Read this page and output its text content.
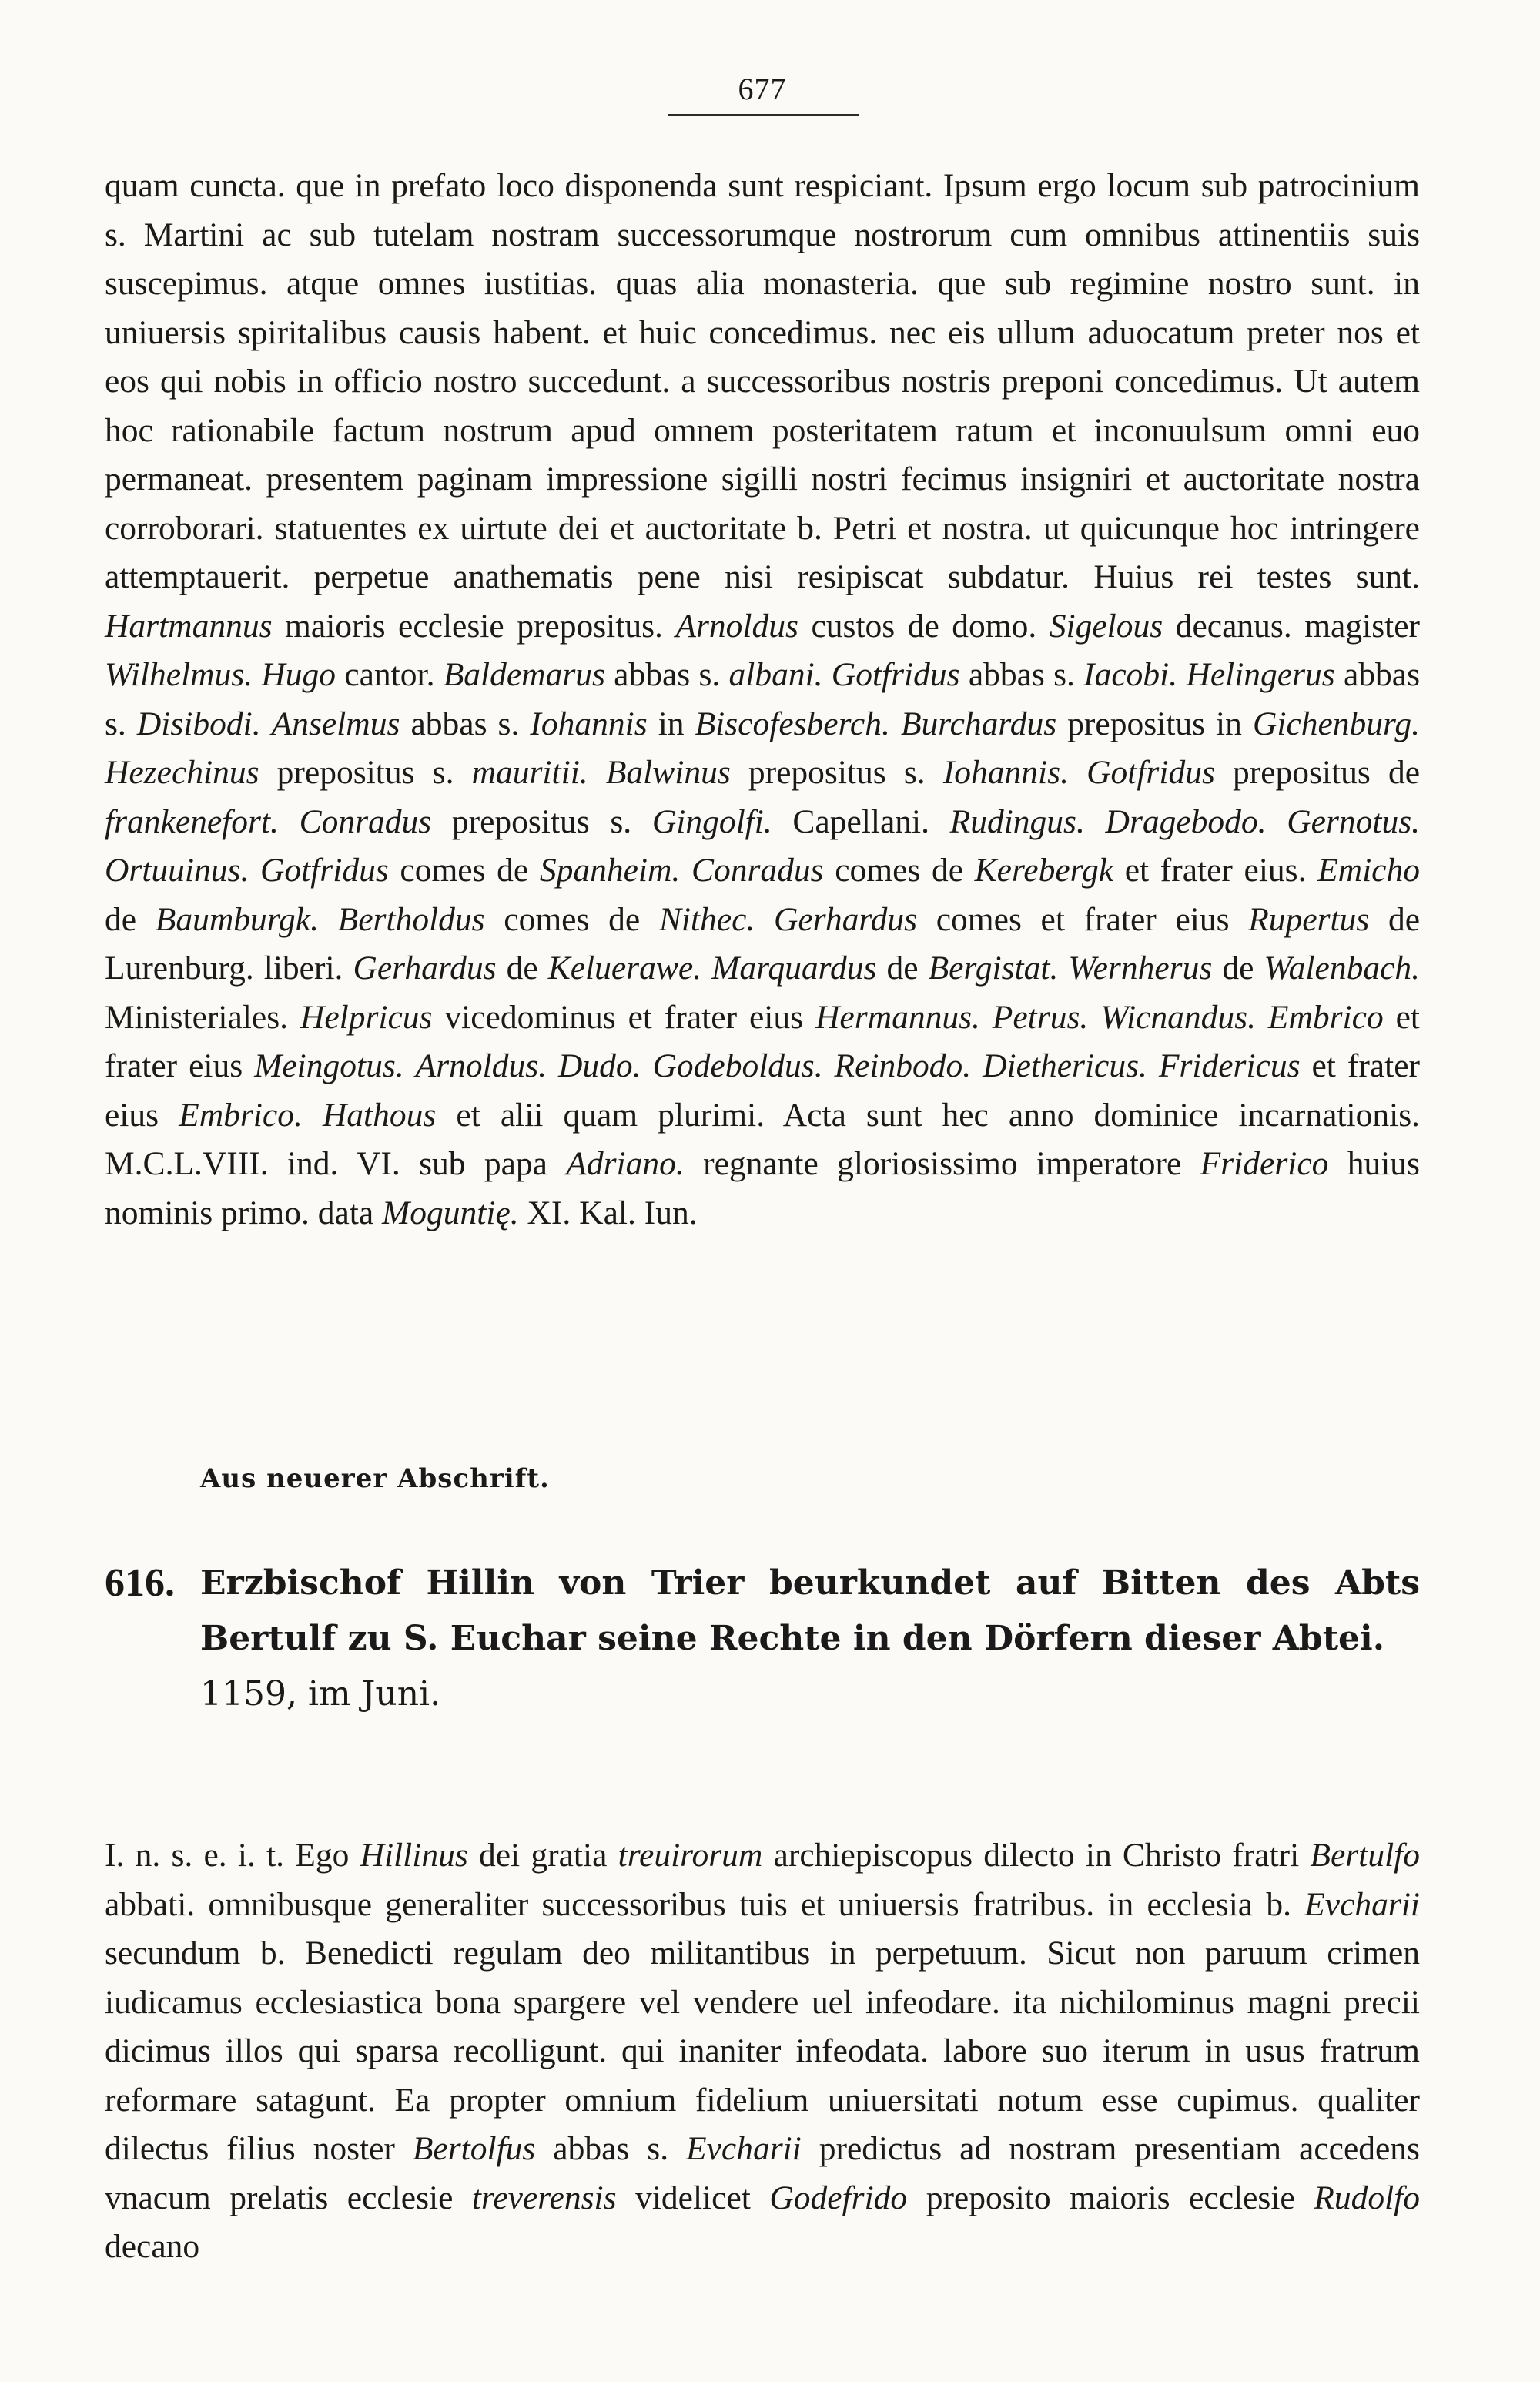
677

quam cuncta. que in prefato loco disponenda sunt respiciant. Ipsum ergo locum sub patrocinium s. Martini ac sub tutelam nostram successorumque nostrorum cum omnibus attinentiis suis suscepimus. atque omnes iustitias. quas alia monasteria. que sub regimine nostro sunt. in uniuersis spiritalibus causis habent. et huic concedimus. nec eis ullum aduocatum preter nos et eos qui nobis in officio nostro succedunt. a successoribus nostris preponi concedimus. Ut autem hoc rationabile factum nostrum apud omnem posteritatem ratum et inconuulsum omni euo permaneat. presentem paginam impressione sigilli nostri fecimus insigniri et auctoritate nostra corroborari. statuentes ex uirtute dei et auctoritate b. Petri et nostra. ut quicunque hoc intringere attemptauerit. perpetue anathematis pene nisi resipiscat subdatur. Huius rei testes sunt. Hartmannus maioris ecclesie prepositus. Arnoldus custos de domo. Sigelous decanus. magister Wilhelmus. Hugo cantor. Baldemarus abbas s. albani. Gotfridus abbas s. Iacobi. Helingerus abbas s. Disibodi. Anselmus abbas s. Iohannis in Biscofesberch. Burchardus prepositus in Gichenburg. Hezechinus prepositus s. mauritii. Balwinus prepositus s. Iohannis. Gotfridus prepositus de frankenefort. Conradus prepositus s. Gingolfi. Capellani. Rudingus. Dragebodo. Gernotus. Ortuuinus. Gotfridus comes de Spanheim. Conradus comes de Kerebergk et frater eius. Emicho de Baumburgk. Bertholdus comes de Nithec. Gerhardus comes et frater eius Rupertus de Lurenburg. liberi. Gerhardus de Keluerawe. Marquardus de Bergistat. Wernherus de Walenbach. Ministeriales. Helpricus vicedominus et frater eius Hermannus. Petrus. Wicnandus. Embrico et frater eius Meingotus. Arnoldus. Dudo. Godeboldus. Reinbodo. Diethericus. Fridericus et frater eius Embrico. Hathous et alii quam plurimi. Acta sunt hec anno dominice incarnationis. M.C.L.VIII. ind. VI. sub papa Adriano. regnante gloriosissimo imperatore Friderico huius nominis primo. data Moguntię. XI. Kal. Iun.

Aus neuerer Abschrift.
616. Erzbischof Hillin von Trier beurkundet auf Bitten des Abts Bertulf zu S. Euchar seine Rechte in den Dörfern dieser Abtei.
1159, im Juni.

I. n. s. e. i. t. Ego Hillinus dei gratia treuirorum archiepiscopus dilecto in Christo fratri Bertulfo abbati. omnibusque generaliter successoribus tuis et uniuersis fratribus. in ecclesia b. Evcharii secundum b. Benedicti regulam deo militantibus in perpetuum. Sicut non paruum crimen iudicamus ecclesiastica bona spargere vel vendere uel infeodare. ita nichilominus magni precii dicimus illos qui sparsa recolligunt. qui inaniter infeodata. labore suo iterum in usus fratrum reformare satagunt. Ea propter omnium fidelium uniuersitati notum esse cupimus. qualiter dilectus filius noster Bertolfus abbas s. Evcharii predictus ad nostram presentiam accedens vnacum prelatis ecclesie treverensis videlicet Godefrido preposito maioris ecclesie Rudolfo decano
